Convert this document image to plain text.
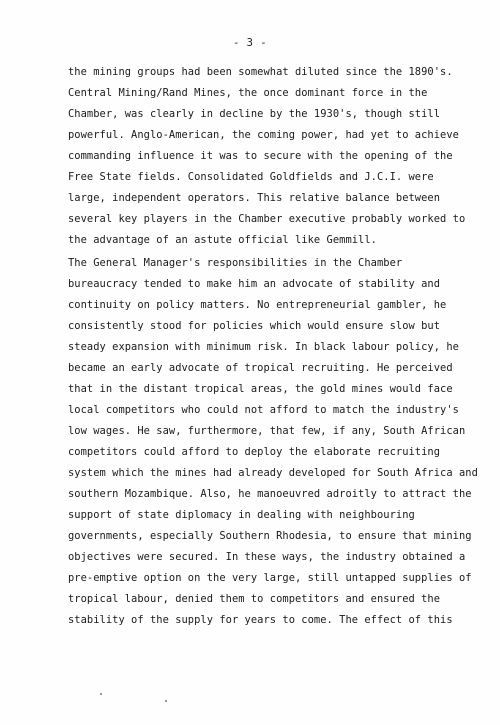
- 3 -
the mining groups had been somewhat diluted since the 1890's.
Central Mining/Rand Mines, the once dominant force in the
Chamber, was clearly in decline by the 1930's, though still
powerful. Anglo-American, the coming power, had yet to achieve
commanding influence it was to secure with the opening of the
Free State fields. Consolidated Goldfields and J.C.I. were
large, independent operators. This relative balance between
several key players in the Chamber executive probably worked to
the advantage of an astute official like Gemmill.
The General Manager's responsibilities in the Chamber
bureaucracy tended to make him an advocate of stability and
continuity on policy matters. No entrepreneurial gambler, he
consistently stood for policies which would ensure slow but
steady expansion with minimum risk. In black labour policy, he
became an early advocate of tropical recruiting. He perceived
that in the distant tropical areas, the gold mines would face
local competitors who could not afford to match the industry's
low wages. He saw, furthermore, that few, if any, South African
competitors could afford to deploy the elaborate recruiting
system which the mines had already developed for South Africa and
southern Mozambique. Also, he manoeuvred adroitly to attract the
support of state diplomacy in dealing with neighbouring
governments, especially Southern Rhodesia, to ensure that mining
objectives were secured. In these ways, the industry obtained a
pre-emptive option on the very large, still untapped supplies of
tropical labour, denied them to competitors and ensured the
stability of the supply for years to come. The effect of this
